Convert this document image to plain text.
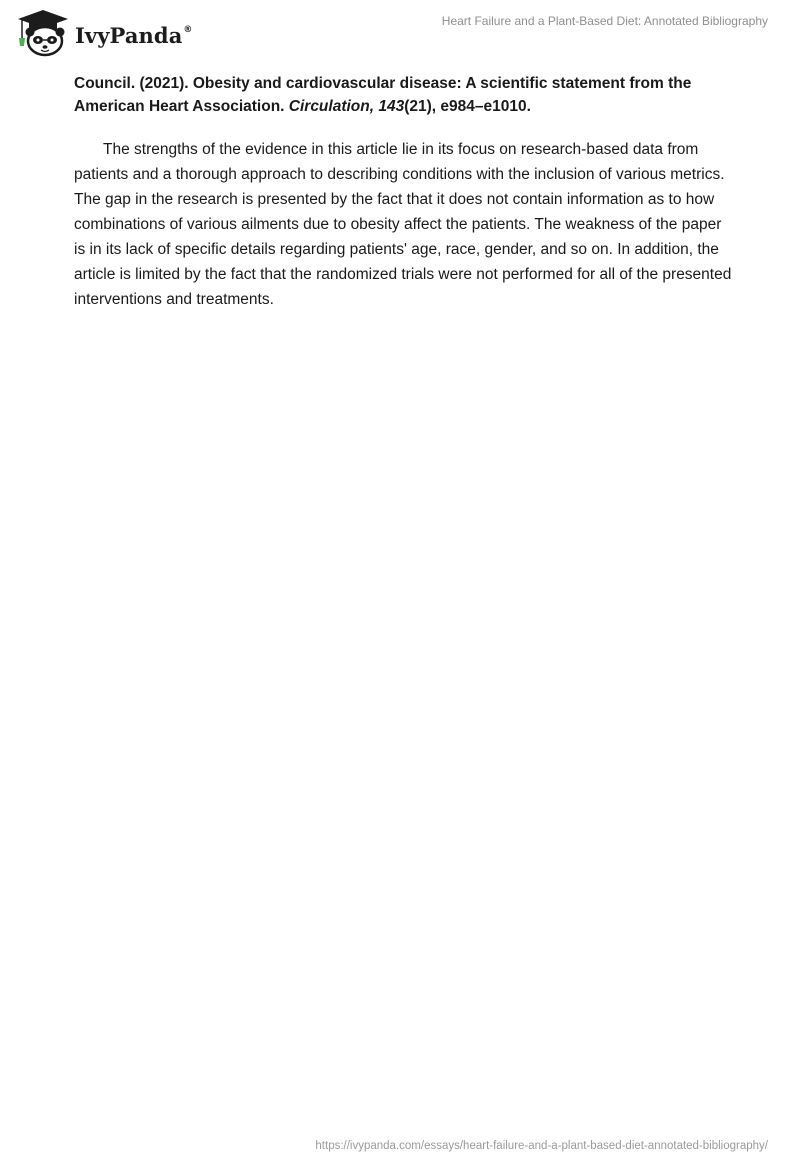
IvyPanda®
Heart Failure and a Plant-Based Diet: Annotated Bibliography
Council. (2021). Obesity and cardiovascular disease: A scientific statement from the American Heart Association. Circulation, 143(21), e984–e1010.

The strengths of the evidence in this article lie in its focus on research-based data from patients and a thorough approach to describing conditions with the inclusion of various metrics. The gap in the research is presented by the fact that it does not contain information as to how combinations of various ailments due to obesity affect the patients. The weakness of the paper is in its lack of specific details regarding patients' age, race, gender, and so on. In addition, the article is limited by the fact that the randomized trials were not performed for all of the presented interventions and treatments.

https://ivypanda.com/essays/heart-failure-and-a-plant-based-diet-annotated-bibliography/
